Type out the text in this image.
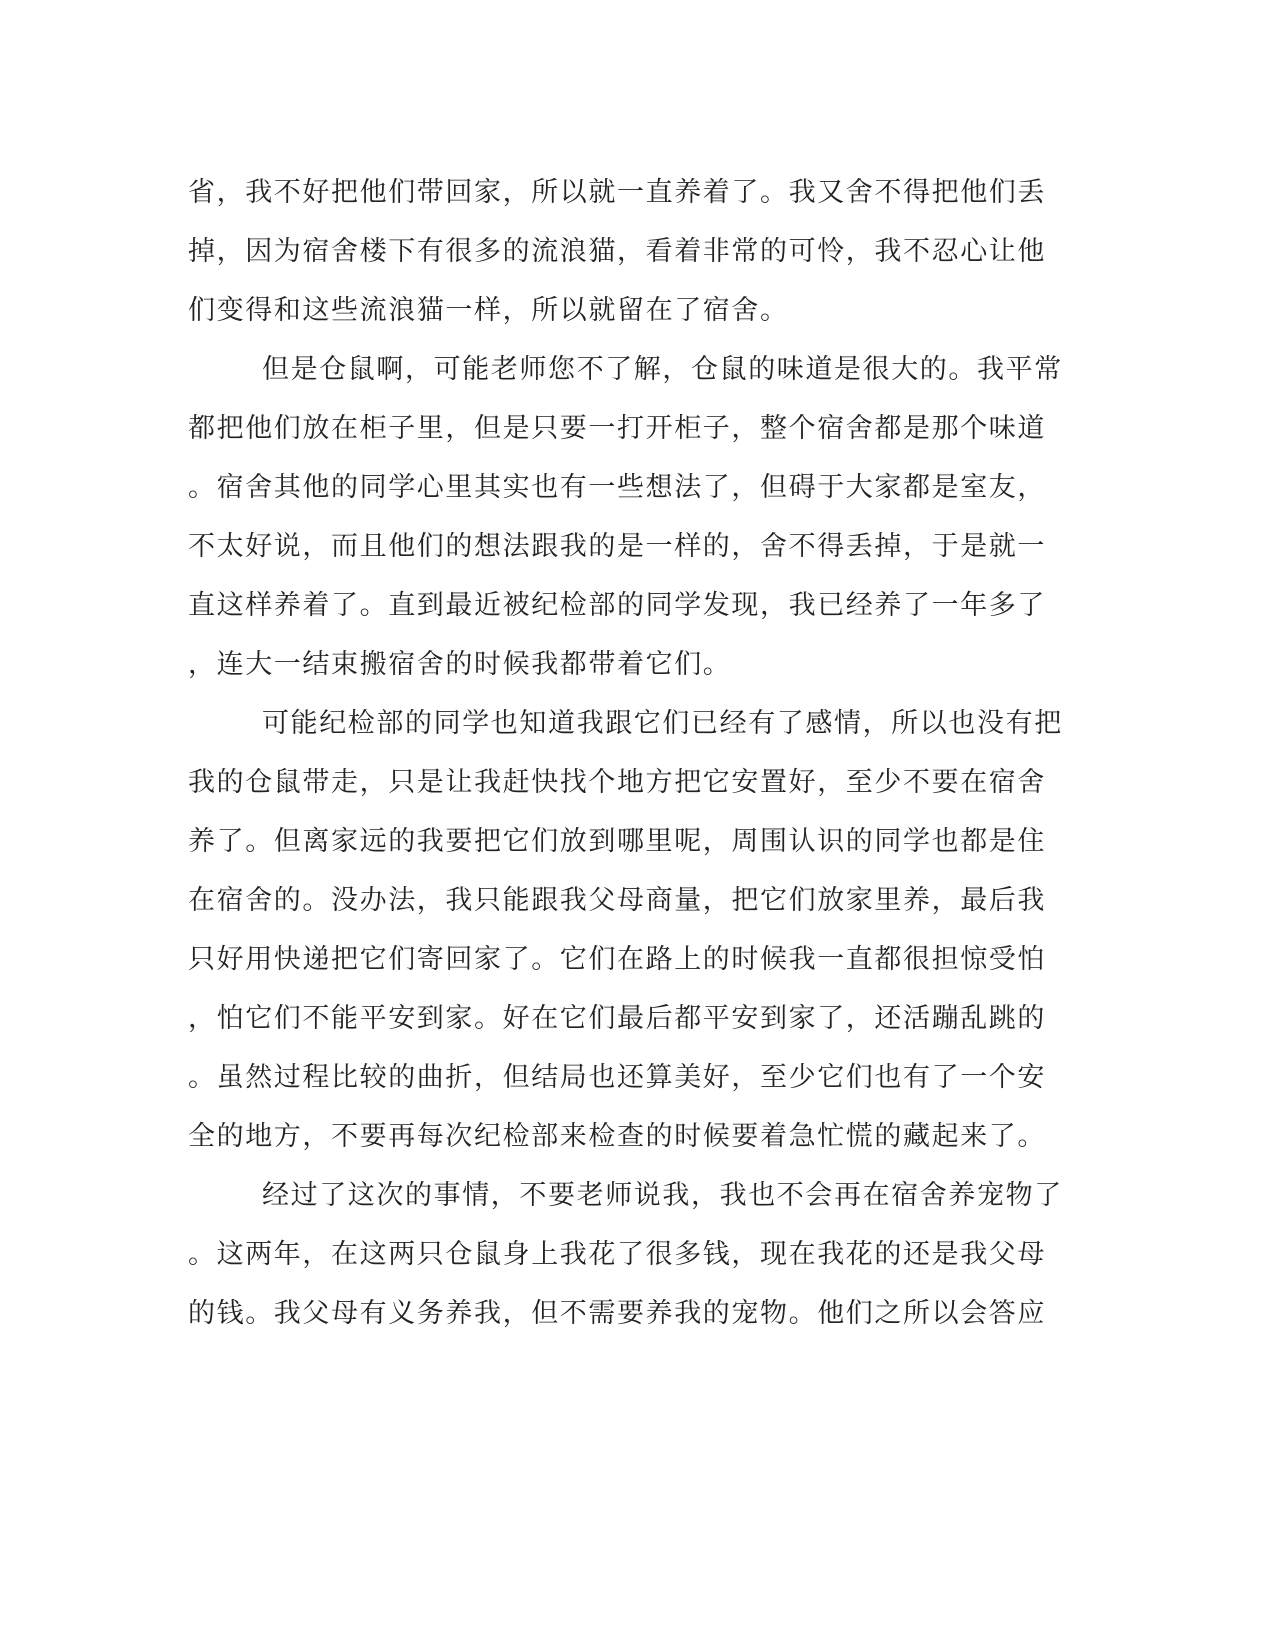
省，我不好把他们带回家，所以就一直养着了。我又舍不得把他们丢

掉，因为宿舍楼下有很多的流浪猫，看着非常的可怜，我不忍心让他

们变得和这些流浪猫一样，所以就留在了宿舍。

但是仓鼠啊，可能老师您不了解，仓鼠的味道是很大的。我平常

都把他们放在柜子里，但是只要一打开柜子，整个宿舍都是那个味道

。宿舍其他的同学心里其实也有一些想法了，但碍于大家都是室友，

不太好说，而且他们的想法跟我的是一样的，舍不得丢掉，于是就一

直这样养着了。直到最近被纪检部的同学发现，我已经养了一年多了

，连大一结束搬宿舍的时候我都带着它们。

可能纪检部的同学也知道我跟它们已经有了感情，所以也没有把

我的仓鼠带走，只是让我赶快找个地方把它安置好，至少不要在宿舍

养了。但离家远的我要把它们放到哪里呢，周围认识的同学也都是住

在宿舍的。没办法，我只能跟我父母商量，把它们放家里养，最后我

只好用快递把它们寄回家了。它们在路上的时候我一直都很担惊受怕

，怕它们不能平安到家。好在它们最后都平安到家了，还活蹦乱跳的

。虽然过程比较的曲折，但结局也还算美好，至少它们也有了一个安

全的地方，不要再每次纪检部来检查的时候要着急忙慌的藏起来了。

经过了这次的事情，不要老师说我，我也不会再在宿舍养宠物了

。这两年，在这两只仓鼠身上我花了很多钱，现在我花的还是我父母

的钱。我父母有义务养我，但不需要养我的宠物。他们之所以会答应
